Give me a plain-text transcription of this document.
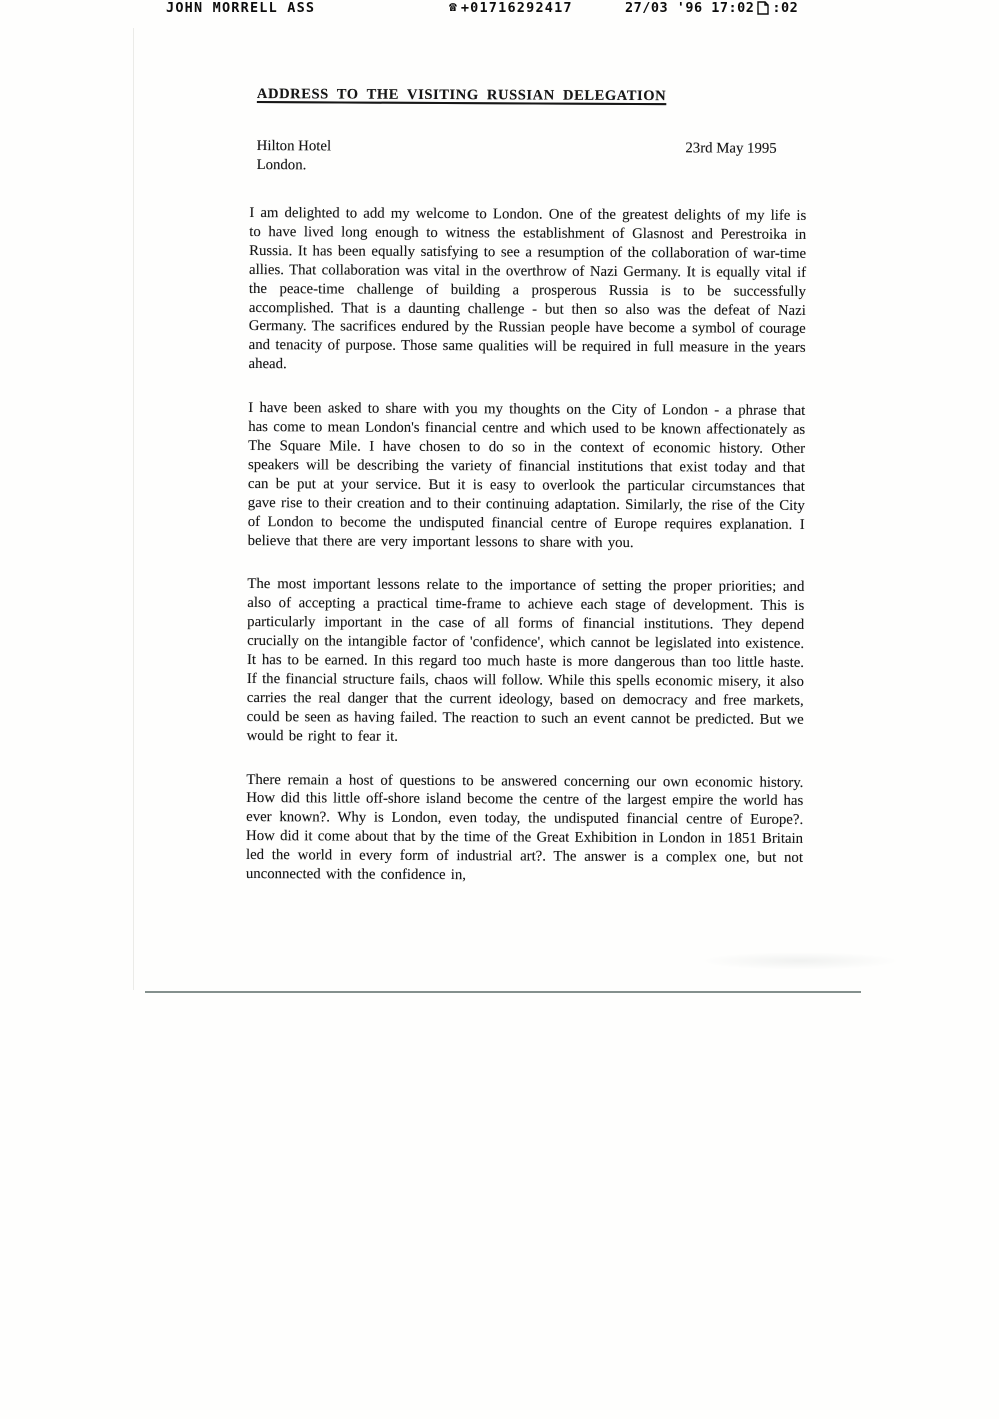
JOHN MORRELL ASS	☎ +01716292417	27/03 '96 17:02 :02
ADDRESS TO THE VISITING RUSSIAN DELEGATION
Hilton Hotel
London.
23rd May 1995

I am delighted to add my welcome to London. One of the greatest delights of my life is to have lived long enough to witness the establishment of Glasnost and Perestroika in Russia. It has been equally satisfying to see a resumption of the collaboration of war-time allies. That collaboration was vital in the overthrow of Nazi Germany. It is equally vital if the peace-time challenge of building a prosperous Russia is to be successfully accomplished. That is a daunting challenge - but then so also was the defeat of Nazi Germany. The sacrifices endured by the Russian people have become a symbol of courage and tenacity of purpose. Those same qualities will be required in full measure in the years ahead.

I have been asked to share with you my thoughts on the City of London - a phrase that has come to mean London's financial centre and which used to be known affectionately as The Square Mile. I have chosen to do so in the context of economic history. Other speakers will be describing the variety of financial institutions that exist today and that can be put at your service. But it is easy to overlook the particular circumstances that gave rise to their creation and to their continuing adaptation. Similarly, the rise of the City of London to become the undisputed financial centre of Europe requires explanation. I believe that there are very important lessons to share with you.

The most important lessons relate to the importance of setting the proper priorities; and also of accepting a practical time-frame to achieve each stage of development. This is particularly important in the case of all forms of financial institutions. They depend crucially on the intangible factor of 'confidence', which cannot be legislated into existence. It has to be earned. In this regard too much haste is more dangerous than too little haste. If the financial structure fails, chaos will follow. While this spells economic misery, it also carries the real danger that the current ideology, based on democracy and free markets, could be seen as having failed. The reaction to such an event cannot be predicted. But we would be right to fear it.

There remain a host of questions to be answered concerning our own economic history. How did this little off-shore island become the centre of the largest empire the world has ever known?. Why is London, even today, the undisputed financial centre of Europe?. How did it come about that by the time of the Great Exhibition in London in 1851 Britain led the world in every form of industrial art?. The answer is a complex one, but not unconnected with the confidence in,
